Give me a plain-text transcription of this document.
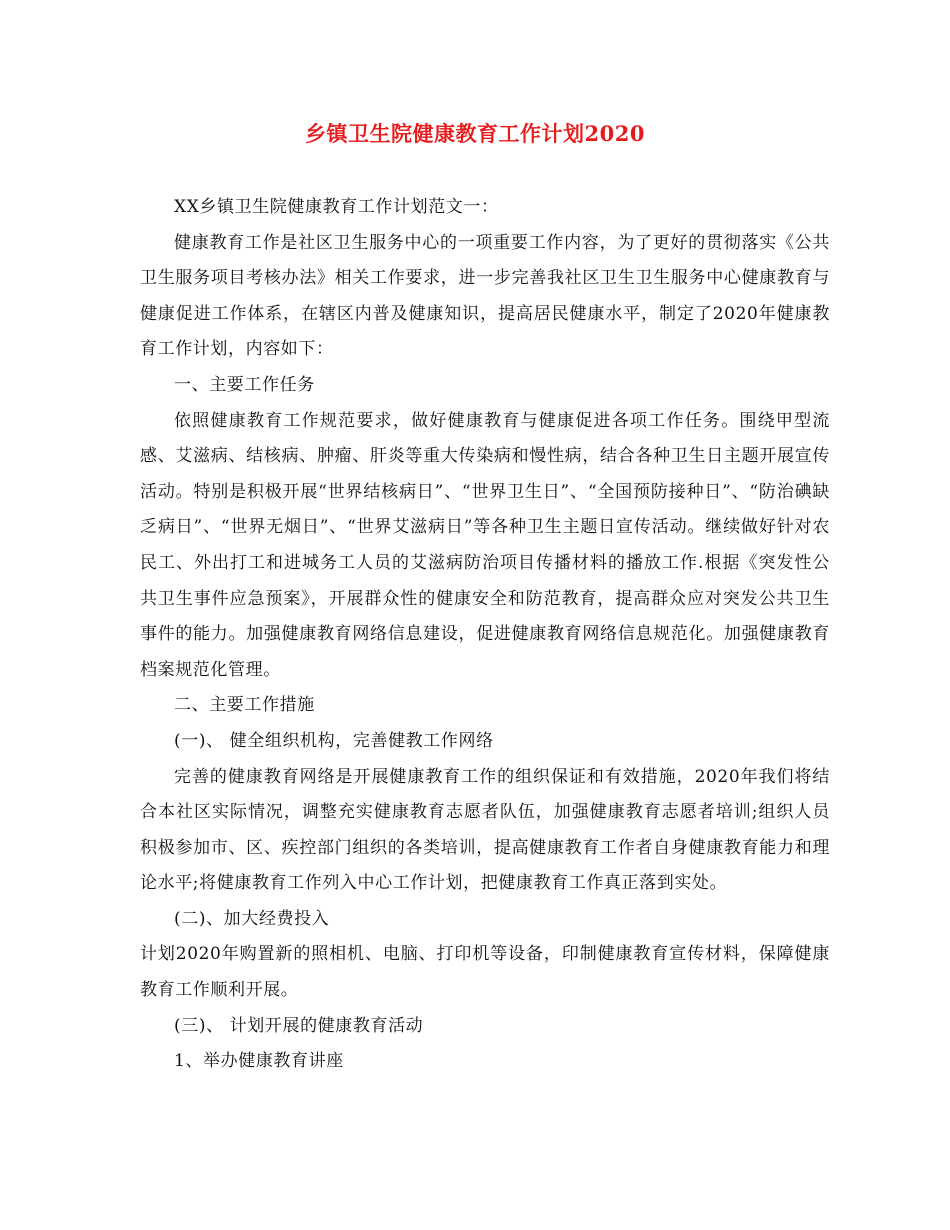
乡镇卫生院健康教育工作计划2020

XX乡镇卫生院健康教育工作计划范文一：

健康教育工作是社区卫生服务中心的一项重要工作内容，为了更好的贯彻落实《公共卫生服务项目考核办法》相关工作要求，进一步完善我社区卫生卫生服务中心健康教育与健康促进工作体系，在辖区内普及健康知识，提高居民健康水平，制定了2020年健康教育工作计划，内容如下：

一、主要工作任务

依照健康教育工作规范要求，做好健康教育与健康促进各项工作任务。围绕甲型流感、艾滋病、结核病、肿瘤、肝炎等重大传染病和慢性病，结合各种卫生日主题开展宣传活动。特别是积极开展“世界结核病日”、“世界卫生日”、“全国预防接种日”、“防治碘缺乏病日”、“世界无烟日”、“世界艾滋病日”等各种卫生主题日宣传活动。继续做好针对农民工、外出打工和进城务工人员的艾滋病防治项目传播材料的播放工作.根据《突发性公共卫生事件应急预案》，开展群众性的健康安全和防范教育，提高群众应对突发公共卫生事件的能力。加强健康教育网络信息建设，促进健康教育网络信息规范化。加强健康教育档案规范化管理。

二、主要工作措施

(一)、 健全组织机构，完善健教工作网络

完善的健康教育网络是开展健康教育工作的组织保证和有效措施，2020年我们将结合本社区实际情况，调整充实健康教育志愿者队伍，加强健康教育志愿者培训;组织人员积极参加市、区、疾控部门组织的各类培训，提高健康教育工作者自身健康教育能力和理论水平;将健康教育工作列入中心工作计划，把健康教育工作真正落到实处。

(二)、加大经费投入

计划2020年购置新的照相机、电脑、打印机等设备，印制健康教育宣传材料，保障健康教育工作顺利开展。

(三)、 计划开展的健康教育活动

1、举办健康教育讲座
